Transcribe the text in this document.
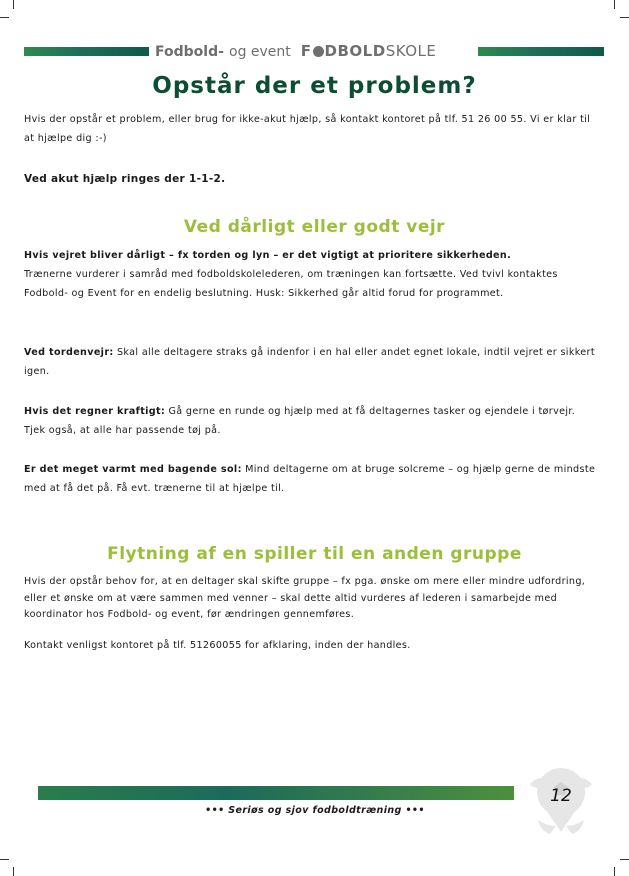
Fodbold- og event F DBOLDSKOLE
Opstår der et problem?

Hvis der opstår et problem, eller brug for ikke-akut hjælp, så kontakt kontoret på tlf. 51 26 00 55. Vi er klar til at hjælpe dig :-)

Ved akut hjælp ringes der 1-1-2.

Ved dårligt eller godt vejr
Hvis vejret bliver dårligt – fx torden og lyn – er det vigtigt at prioritere sikkerheden.
Trænerne vurderer i samråd med fodboldskolelederen, om træningen kan fortsætte. Ved tvivl kontaktes Fodbold- og Event for en endelig beslutning. Husk: Sikkerhed går altid forud for programmet.

Ved tordenvejr: Skal alle deltagere straks gå indenfor i en hal eller andet egnet lokale, indtil vejret er sikkert igen.

Hvis det regner kraftigt: Gå gerne en runde og hjælp med at få deltagernes tasker og ejendele i tørvejr. Tjek også, at alle har passende tøj på.

Er det meget varmt med bagende sol: Mind deltagerne om at bruge solcreme – og hjælp gerne de mindste med at få det på. Få evt. trænerne til at hjælpe til.

Flytning af en spiller til en anden gruppe

Hvis der opstår behov for, at en deltager skal skifte gruppe – fx pga. ønske om mere eller mindre udfordring, eller et ønske om at være sammen med venner – skal dette altid vurderes af lederen i samarbejde med koordinator hos Fodbold- og event, før ændringen gennemføres.

Kontakt venligst kontoret på tlf. 51260055 for afklaring, inden der handles.

12
••• Seriøs og sjov fodboldtræning •••
